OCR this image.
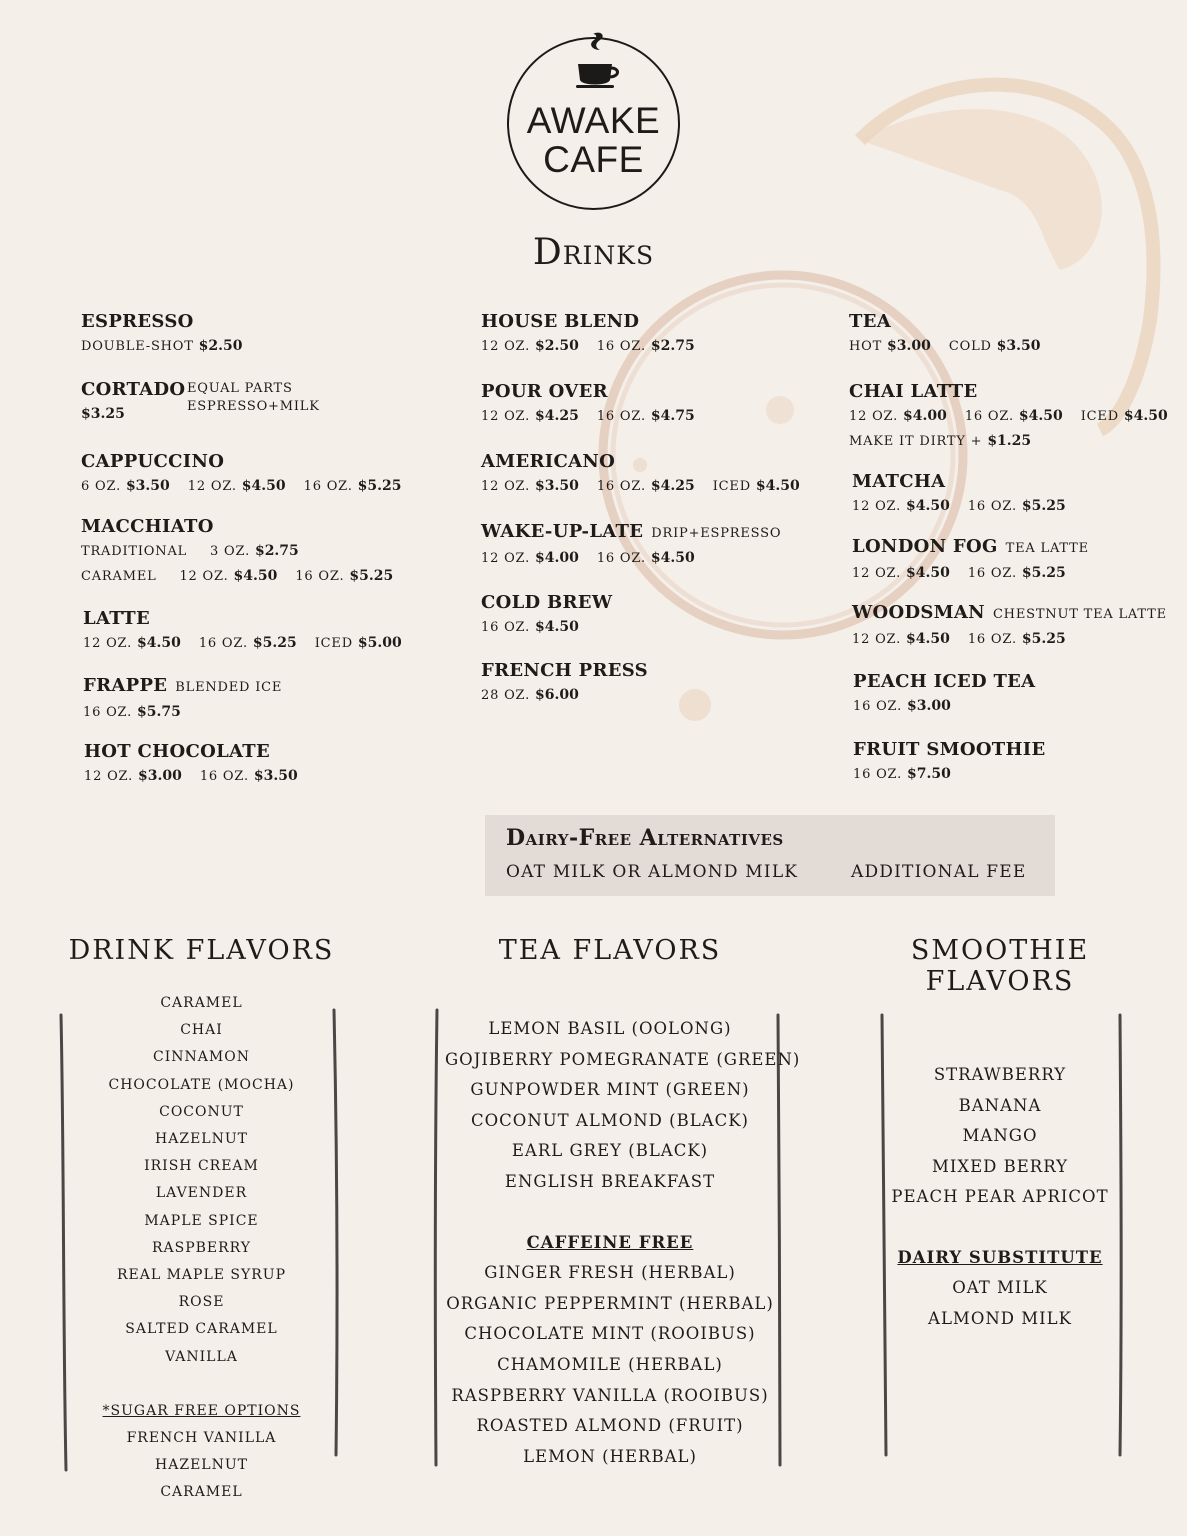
AWAKE
CAFE
Drinks
ESPRESSO
DOUBLE-SHOT $2.50
CORTADO EQUAL PARTS
ESPRESSO+MILK
$3.25
CAPPUCCINO
6 OZ. $3.50 12 OZ. $4.50 16 OZ. $5.25
MACCHIATO
TRADITIONAL 3 OZ. $2.75
CARAMEL 12 OZ. $4.50 16 OZ. $5.25
LATTE
12 OZ. $4.50 16 OZ. $5.25 ICED $5.00
FRAPPE BLENDED ICE
16 OZ. $5.75
HOT CHOCOLATE
12 OZ. $3.00 16 OZ. $3.50
HOUSE BLEND
12 OZ. $2.50 16 OZ. $2.75
POUR OVER
12 OZ. $4.25 16 OZ. $4.75
AMERICANO
12 OZ. $3.50 16 OZ. $4.25 ICED $4.50
WAKE-UP-LATE DRIP+ESPRESSO
12 OZ. $4.00 16 OZ. $4.50
COLD BREW
16 OZ. $4.50
FRENCH PRESS
28 OZ. $6.00
TEA
HOT $3.00 COLD $3.50
CHAI LATTE
12 OZ. $4.00 16 OZ. $4.50 ICED $4.50
MAKE IT DIRTY + $1.25
MATCHA
12 OZ. $4.50 16 OZ. $5.25
LONDON FOG TEA LATTE
12 OZ. $4.50 16 OZ. $5.25
WOODSMAN CHESTNUT TEA LATTE
12 OZ. $4.50 16 OZ. $5.25
PEACH ICED TEA
16 OZ. $3.00
FRUIT SMOOTHIE
16 OZ. $7.50
Dairy-Free Alternatives
OAT MILK OR ALMOND MILK	ADDITIONAL FEE
DRINK FLAVORS	TEA FLAVORS	SMOOTHIE FLAVORS
CARAMEL
CHAI
CINNAMON
CHOCOLATE (MOCHA)
COCONUT
HAZELNUT
IRISH CREAM
LAVENDER
MAPLE SPICE
RASPBERRY
REAL MAPLE SYRUP
ROSE
SALTED CARAMEL
VANILLA
*SUGAR FREE OPTIONS
FRENCH VANILLA
HAZELNUT
CARAMEL
LEMON BASIL (OOLONG)
GOJIBERRY POMEGRANATE (GREEN)
GUNPOWDER MINT (GREEN)
COCONUT ALMOND (BLACK)
EARL GREY (BLACK)
ENGLISH BREAKFAST
CAFFEINE FREE
GINGER FRESH (HERBAL)
ORGANIC PEPPERMINT (HERBAL)
CHOCOLATE MINT (ROOIBUS)
CHAMOMILE (HERBAL)
RASPBERRY VANILLA (ROOIBUS)
ROASTED ALMOND (FRUIT)
LEMON (HERBAL)
STRAWBERRY
BANANA
MANGO
MIXED BERRY
PEACH PEAR APRICOT
DAIRY SUBSTITUTE
OAT MILK
ALMOND MILK
